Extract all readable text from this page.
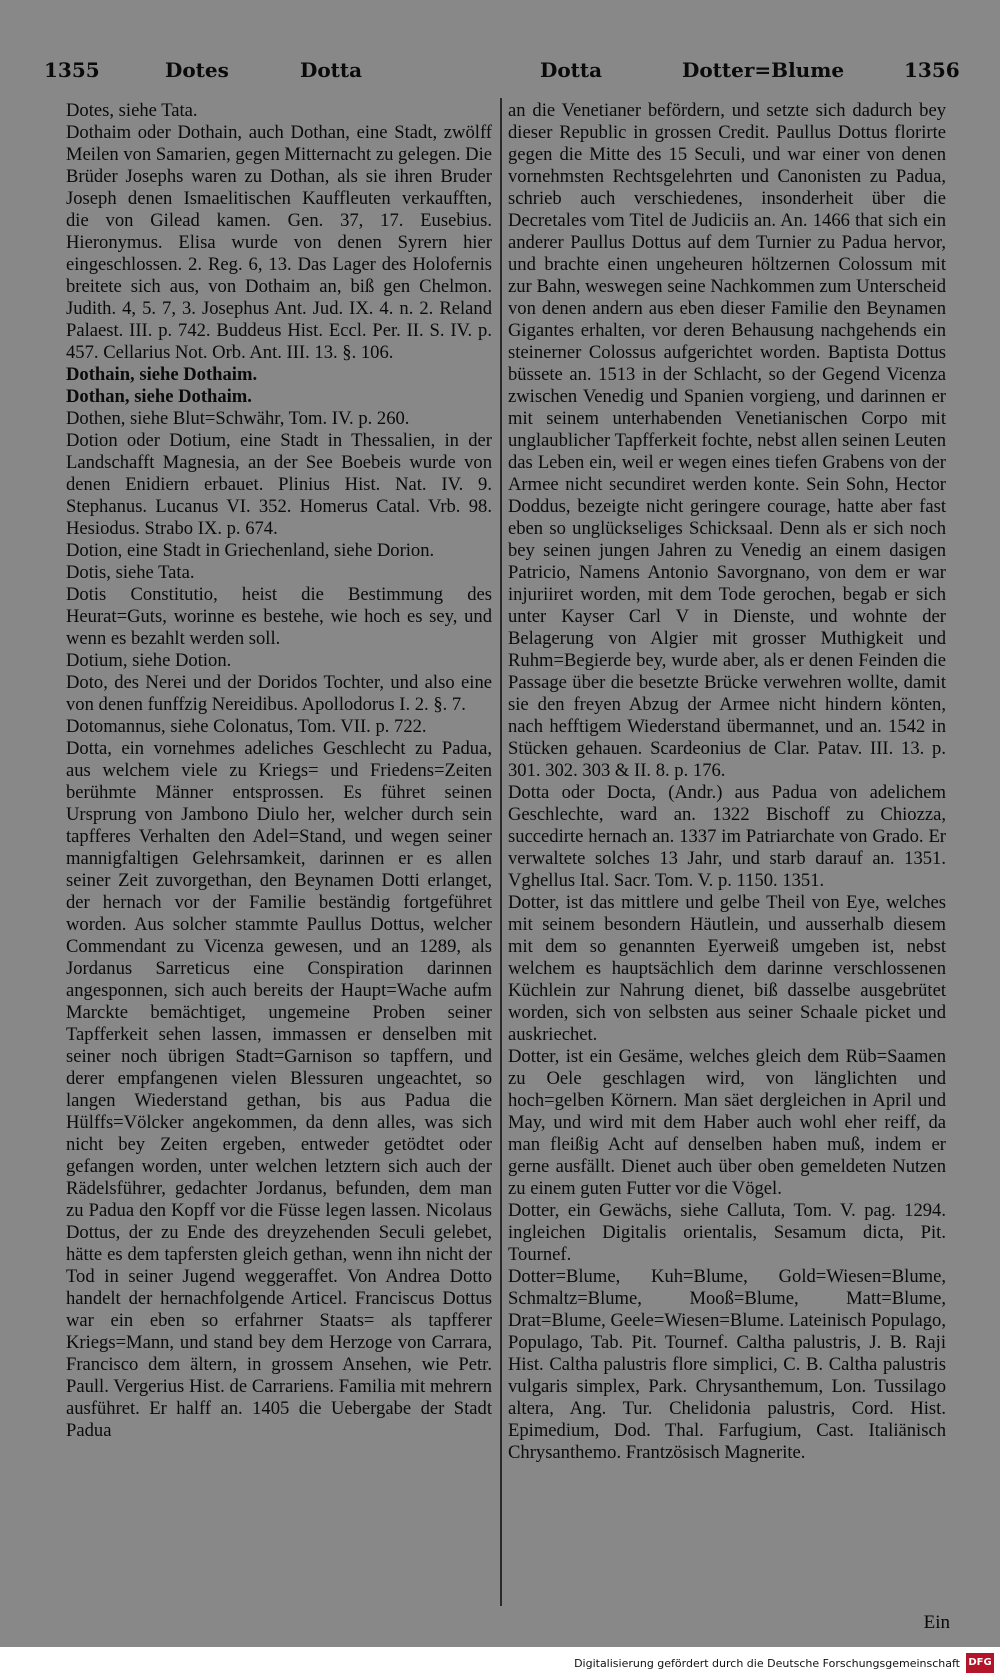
1355	Dotes	Dotta	Dotta	Dotter=Blume	1356

Dotes, siehe Tata.

Dothaim oder Dothain, auch Dothan, eine Stadt, zwölff Meilen von Samarien, gegen Mitternacht zu gelegen. Die Brüder Josephs waren zu Dothan, als sie ihren Bruder Joseph denen Ismaelitischen Kauffleuten verkaufften, die von Gilead kamen. Gen. 37, 17. Eusebius. Hieronymus. Elisa wurde von denen Syrern hier eingeschlossen. 2. Reg. 6, 13. Das Lager des Holofernis breitete sich aus, von Dothaim an, biß gen Chelmon. Judith. 4, 5. 7, 3. Josephus Ant. Jud. IX. 4. n. 2. Reland Palaest. III. p. 742. Buddeus Hist. Eccl. Per. II. S. IV. p. 457. Cellarius Not. Orb. Ant. III. 13. §. 106.

Dothain, siehe Dothaim.

Dothan, siehe Dothaim.

Dothen, siehe Blut=Schwähr, Tom. IV. p. 260.

Dotion oder Dotium, eine Stadt in Thessalien, in der Landschafft Magnesia, an der See Boebeis wurde von denen Enidiern erbauet. Plinius Hist. Nat. IV. 9. Stephanus. Lucanus VI. 352. Homerus Catal. Vrb. 98. Hesiodus. Strabo IX. p. 674.

Dotion, eine Stadt in Griechenland, siehe Dorion.

Dotis, siehe Tata.

Dotis Constitutio, heist die Bestimmung des Heurat=Guts, worinne es bestehe, wie hoch es sey, und wenn es bezahlt werden soll.

Dotium, siehe Dotion.

Doto, des Nerei und der Doridos Tochter, und also eine von denen funffzig Nereidibus. Apollodorus I. 2. §. 7.

Dotomannus, siehe Colonatus, Tom. VII. p. 722.

Dotta, ein vornehmes adeliches Geschlecht zu Padua, aus welchem viele zu Kriegs= und Friedens=Zeiten berühmte Männer entsprossen. Es führet seinen Ursprung von Jambono Diulo her, welcher durch sein tapfferes Verhalten den Adel=Stand, und wegen seiner mannigfaltigen Gelehrsamkeit, darinnen er es allen seiner Zeit zuvorgethan, den Beynamen Dotti erlanget, der hernach vor der Familie beständig fortgeführet worden. Aus solcher stammte Paullus Dottus, welcher Commendant zu Vicenza gewesen, und an 1289, als Jordanus Sarreticus eine Conspiration darinnen angesponnen, sich auch bereits der Haupt=Wache aufm Marckte bemächtiget, ungemeine Proben seiner Tapfferkeit sehen lassen, immassen er denselben mit seiner noch übrigen Stadt=Garnison so tapffern, und derer empfangenen vielen Blessuren ungeachtet, so langen Wiederstand gethan, bis aus Padua die Hülffs=Völcker angekommen, da denn alles, was sich nicht bey Zeiten ergeben, entweder getödtet oder gefangen worden, unter welchen letztern sich auch der Rädelsführer, gedachter Jordanus, befunden, dem man zu Padua den Kopff vor die Füsse legen lassen. Nicolaus Dottus, der zu Ende des dreyzehenden Seculi gelebet, hätte es dem tapfersten gleich gethan, wenn ihn nicht der Tod in seiner Jugend weggeraffet. Von Andrea Dotto handelt der hernachfolgende Articel. Franciscus Dottus war ein eben so erfahrner Staats= als tapfferer Kriegs=Mann, und stand bey dem Herzoge von Carrara, Francisco dem ältern, in grossem Ansehen, wie Petr. Paull. Vergerius Hist. de Carrariens. Familia mit mehrern ausführet. Er halff an. 1405 die Uebergabe der Stadt Padua

an die Venetianer befördern, und setzte sich dadurch bey dieser Republic in grossen Credit. Paullus Dottus florirte gegen die Mitte des 15 Seculi, und war einer von denen vornehmsten Rechtsgelehrten und Canonisten zu Padua, schrieb auch verschiedenes, insonderheit über die Decretales vom Titel de Judiciis an. An. 1466 that sich ein anderer Paullus Dottus auf dem Turnier zu Padua hervor, und brachte einen ungeheuren höltzernen Colossum mit zur Bahn, weswegen seine Nachkommen zum Unterscheid von denen andern aus eben dieser Familie den Beynamen Gigantes erhalten, vor deren Behausung nachgehends ein steinerner Colossus aufgerichtet worden. Baptista Dottus büssete an. 1513 in der Schlacht, so der Gegend Vicenza zwischen Venedig und Spanien vorgieng, und darinnen er mit seinem unterhabenden Venetianischen Corpo mit unglaublicher Tapfferkeit fochte, nebst allen seinen Leuten das Leben ein, weil er wegen eines tiefen Grabens von der Armee nicht secundiret werden konte. Sein Sohn, Hector Doddus, bezeigte nicht geringere courage, hatte aber fast eben so unglückseliges Schicksaal. Denn als er sich noch bey seinen jungen Jahren zu Venedig an einem dasigen Patricio, Namens Antonio Savorgnano, von dem er war injuriiret worden, mit dem Tode gerochen, begab er sich unter Kayser Carl V in Dienste, und wohnte der Belagerung von Algier mit grosser Muthigkeit und Ruhm=Begierde bey, wurde aber, als er denen Feinden die Passage über die besetzte Brücke verwehren wollte, damit sie den freyen Abzug der Armee nicht hindern könten, nach hefftigem Wiederstand übermannet, und an. 1542 in Stücken gehauen. Scardeonius de Clar. Patav. III. 13. p. 301. 302. 303 & II. 8. p. 176.

Dotta oder Docta, (Andr.) aus Padua von adelichem Geschlechte, ward an. 1322 Bischoff zu Chiozza, succedirte hernach an. 1337 im Patriarchate von Grado. Er verwaltete solches 13 Jahr, und starb darauf an. 1351. Vghellus Ital. Sacr. Tom. V. p. 1150. 1351.

Dotter, ist das mittlere und gelbe Theil von Eye, welches mit seinem besondern Häutlein, und ausserhalb diesem mit dem so genannten Eyerweiß umgeben ist, nebst welchem es hauptsächlich dem darinne verschlossenen Küchlein zur Nahrung dienet, biß dasselbe ausgebrütet worden, sich von selbsten aus seiner Schaale picket und auskriechet.

Dotter, ist ein Gesäme, welches gleich dem Rüb=Saamen zu Oele geschlagen wird, von länglichten und hoch=gelben Körnern. Man säet dergleichen in April und May, und wird mit dem Haber auch wohl eher reiff, da man fleißig Acht auf denselben haben muß, indem er gerne ausfällt. Dienet auch über oben gemeldeten Nutzen zu einem guten Futter vor die Vögel.

Dotter, ein Gewächs, siehe Calluta, Tom. V. pag. 1294. ingleichen Digitalis orientalis, Sesamum dicta, Pit. Tournef.

Dotter=Blume, Kuh=Blume, Gold=Wiesen=Blume, Schmaltz=Blume, Mooß=Blume, Matt=Blume, Drat=Blume, Geele=Wiesen=Blume. Lateinisch Populago, Populago, Tab. Pit. Tournef. Caltha palustris, J. B. Raji Hist. Caltha palustris flore simplici, C. B. Caltha palustris vulgaris simplex, Park. Chrysanthemum, Lon. Tussilago altera, Ang. Tur. Chelidonia palustris, Cord. Hist. Epimedium, Dod. Thal. Farfugium, Cast. Italiänisch Chrysanthemo. Frantzösisch Magnerite.

Ein
Digitalisierung gefördert durch die Deutsche Forschungsgemeinschaft DFG
